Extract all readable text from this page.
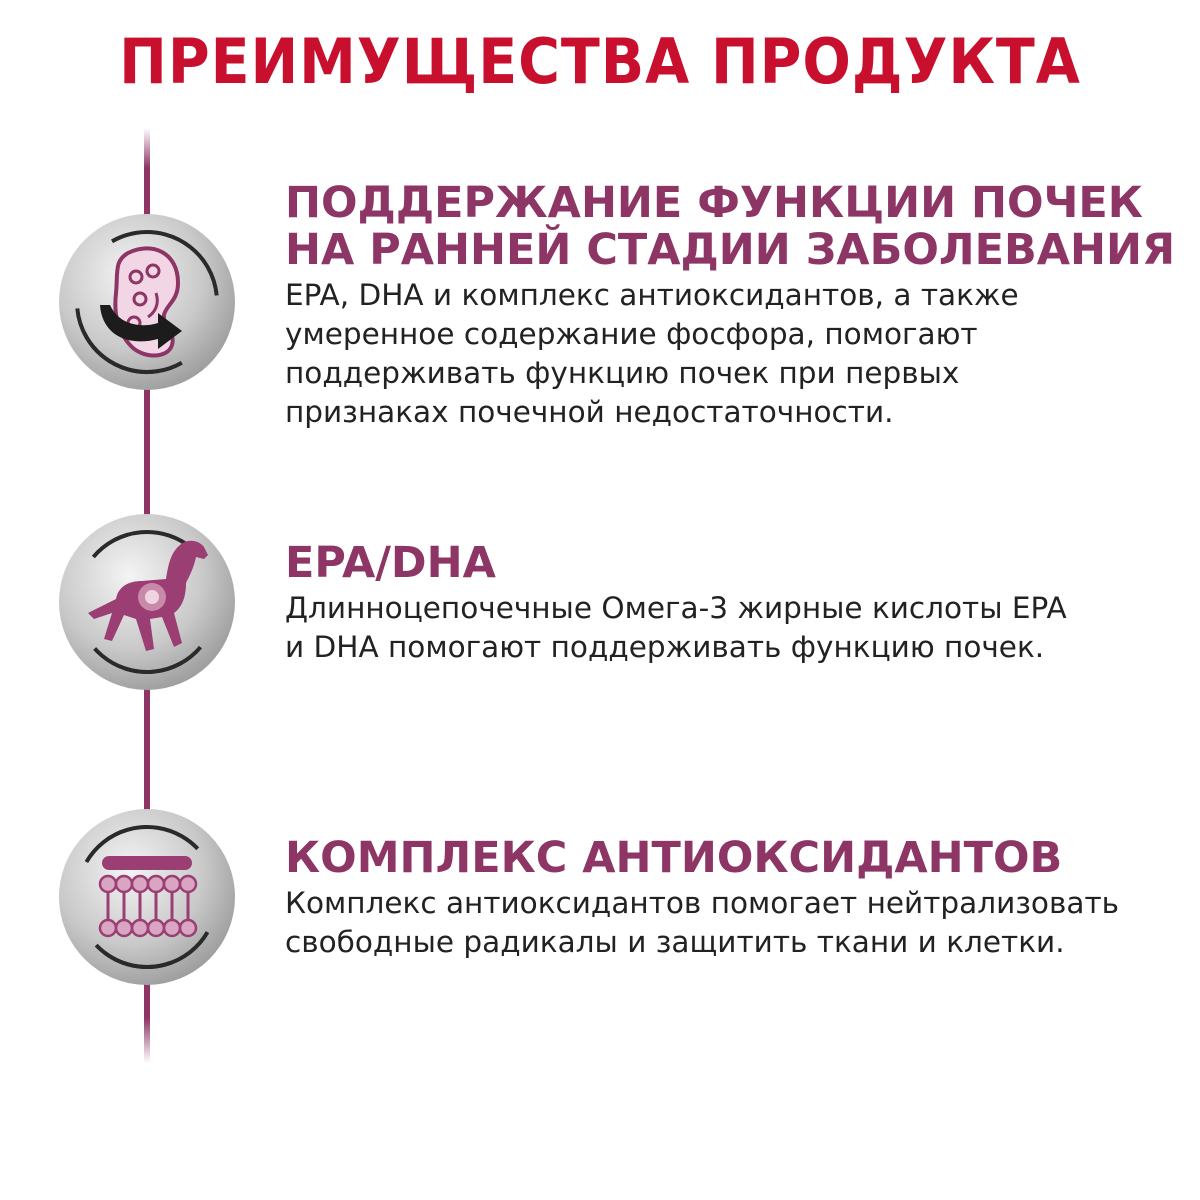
ПРЕИМУЩЕСТВА ПРОДУКТА
ПОДДЕРЖАНИЕ ФУНКЦИИ ПОЧЕК
НА РАННЕЙ СТАДИИ ЗАБОЛЕВАНИЯ

EPA, DHA и комплекс антиоксидантов, а также
умеренное содержание фосфора, помогают
поддерживать функцию почек при первых
признаках почечной недостаточности.

EPA/DHA

Длинноцепочечные Омега-3 жирные кислоты EPA
и DHA помогают поддерживать функцию почек.

КОМПЛЕКС АНТИОКСИДАНТОВ

Комплекс антиоксидантов помогает нейтрализовать
свободные радикалы и защитить ткани и клетки.
